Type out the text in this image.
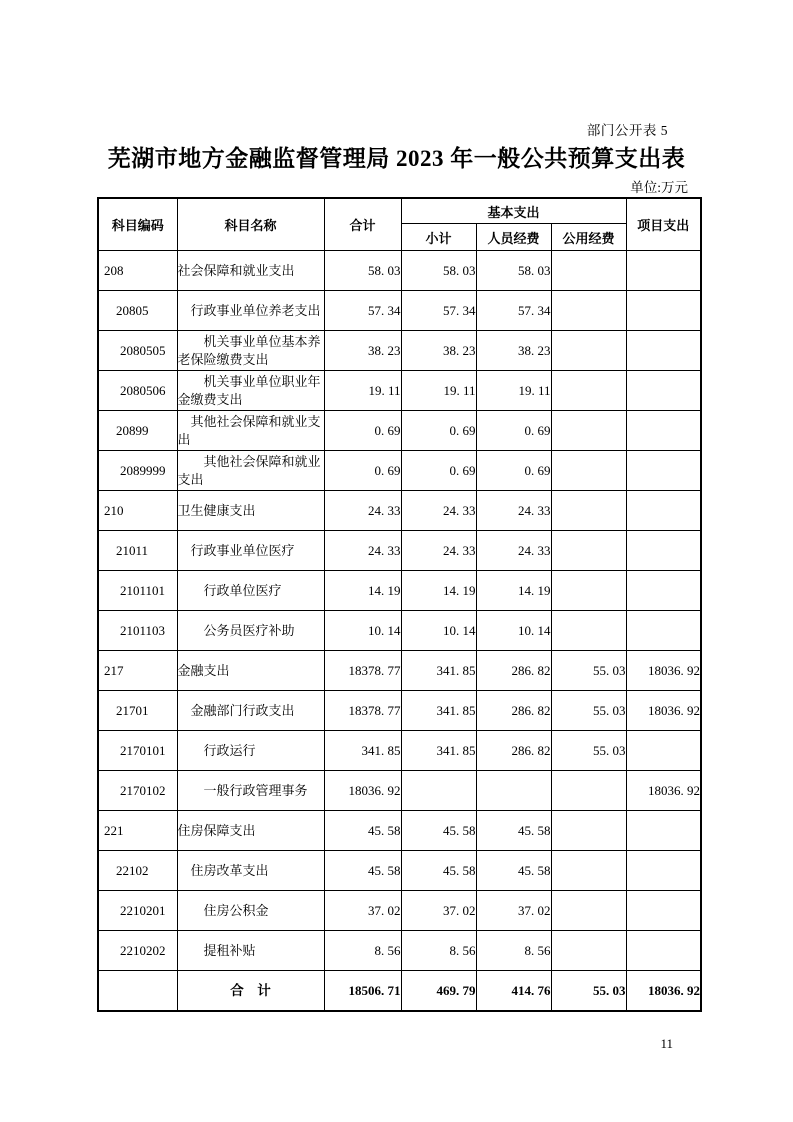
部门公开表 5
芜湖市地方金融监督管理局 2023 年一般公共预算支出表
单位:万元
科目编码	科目名称	合计	基本支出			项目支出
			小计	人员经费	公用经费	
208	社会保障和就业支出	58. 03	58. 03	58. 03		
20805	行政事业单位养老支出	57. 34	57. 34	57. 34		
2080505	机关事业单位基本养老保险缴费支出	38. 23	38. 23	38. 23		
2080506	机关事业单位职业年金缴费支出	19. 11	19. 11	19. 11		
20899	其他社会保障和就业支出	0. 69	0. 69	0. 69		
2089999	其他社会保障和就业支出	0. 69	0. 69	0. 69		
210	卫生健康支出	24. 33	24. 33	24. 33		
21011	行政事业单位医疗	24. 33	24. 33	24. 33		
2101101	行政单位医疗	14. 19	14. 19	14. 19		
2101103	公务员医疗补助	10. 14	10. 14	10. 14		
217	金融支出	18378. 77	341. 85	286. 82	55. 03	18036. 92
21701	金融部门行政支出	18378. 77	341. 85	286. 82	55. 03	18036. 92
2170101	行政运行	341. 85	341. 85	286. 82	55. 03	
2170102	一般行政管理事务	18036. 92				18036. 92
221	住房保障支出	45. 58	45. 58	45. 58		
22102	住房改革支出	45. 58	45. 58	45. 58		
2210201	住房公积金	37. 02	37. 02	37. 02		
2210202	提租补贴	8. 56	8. 56	8. 56		
	合　计	18506. 71	469. 79	414. 76	55. 03	18036. 92
11
